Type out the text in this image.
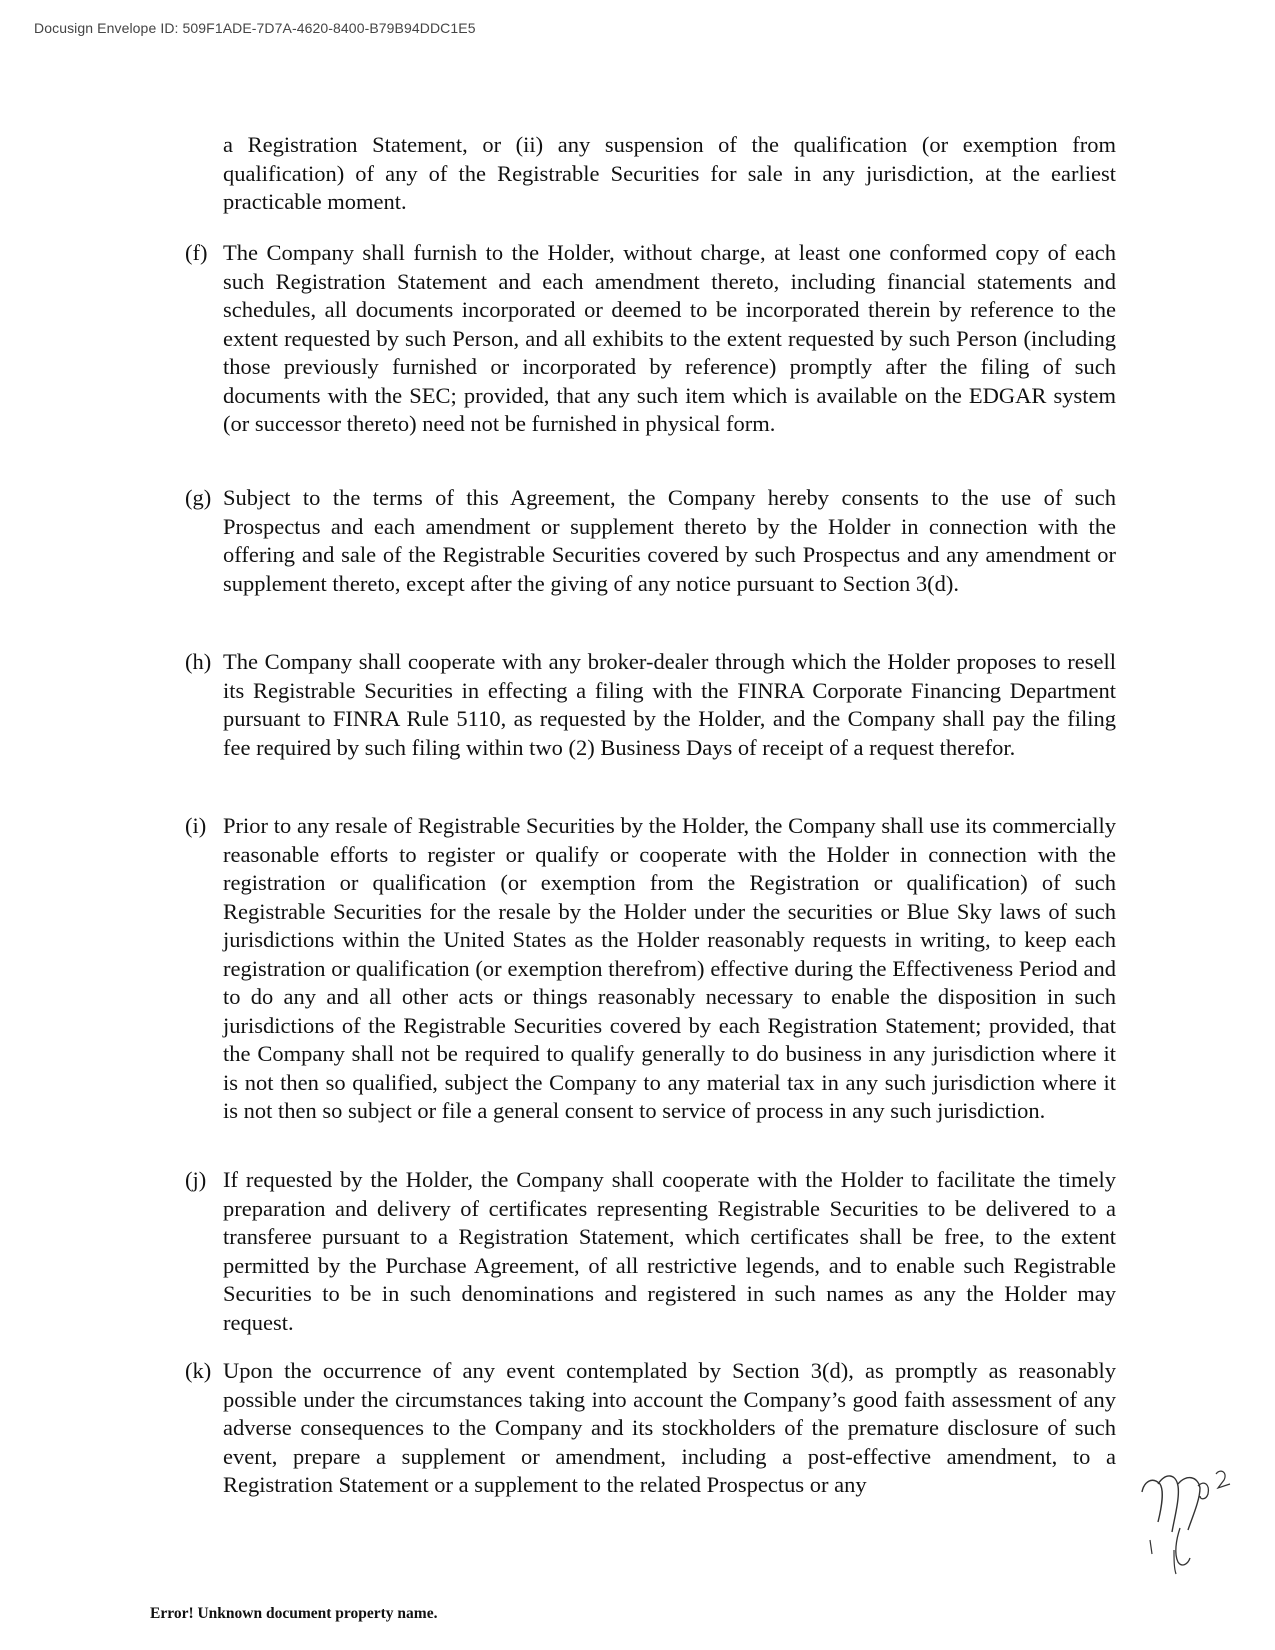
Docusign Envelope ID: 509F1ADE-7D7A-4620-8400-B79B94DDC1E5
a Registration Statement, or (ii) any suspension of the qualification (or exemption from qualification) of any of the Registrable Securities for sale in any jurisdiction, at the earliest practicable moment.
(f) The Company shall furnish to the Holder, without charge, at least one conformed copy of each such Registration Statement and each amendment thereto, including financial statements and schedules, all documents incorporated or deemed to be incorporated therein by reference to the extent requested by such Person, and all exhibits to the extent requested by such Person (including those previously furnished or incorporated by reference) promptly after the filing of such documents with the SEC; provided, that any such item which is available on the EDGAR system (or successor thereto) need not be furnished in physical form.
(g) Subject to the terms of this Agreement, the Company hereby consents to the use of such Prospectus and each amendment or supplement thereto by the Holder in connection with the offering and sale of the Registrable Securities covered by such Prospectus and any amendment or supplement thereto, except after the giving of any notice pursuant to Section 3(d).
(h) The Company shall cooperate with any broker-dealer through which the Holder proposes to resell its Registrable Securities in effecting a filing with the FINRA Corporate Financing Department pursuant to FINRA Rule 5110, as requested by the Holder, and the Company shall pay the filing fee required by such filing within two (2) Business Days of receipt of a request therefor.
(i) Prior to any resale of Registrable Securities by the Holder, the Company shall use its commercially reasonable efforts to register or qualify or cooperate with the Holder in connection with the registration or qualification (or exemption from the Registration or qualification) of such Registrable Securities for the resale by the Holder under the securities or Blue Sky laws of such jurisdictions within the United States as the Holder reasonably requests in writing, to keep each registration or qualification (or exemption therefrom) effective during the Effectiveness Period and to do any and all other acts or things reasonably necessary to enable the disposition in such jurisdictions of the Registrable Securities covered by each Registration Statement; provided, that the Company shall not be required to qualify generally to do business in any jurisdiction where it is not then so qualified, subject the Company to any material tax in any such jurisdiction where it is not then so subject or file a general consent to service of process in any such jurisdiction.
(j) If requested by the Holder, the Company shall cooperate with the Holder to facilitate the timely preparation and delivery of certificates representing Registrable Securities to be delivered to a transferee pursuant to a Registration Statement, which certificates shall be free, to the extent permitted by the Purchase Agreement, of all restrictive legends, and to enable such Registrable Securities to be in such denominations and registered in such names as any the Holder may request.
(k) Upon the occurrence of any event contemplated by Section 3(d), as promptly as reasonably possible under the circumstances taking into account the Company’s good faith assessment of any adverse consequences to the Company and its stockholders of the premature disclosure of such event, prepare a supplement or amendment, including a post-effective amendment, to a Registration Statement or a supplement to the related Prospectus or any
Error! Unknown document property name.
